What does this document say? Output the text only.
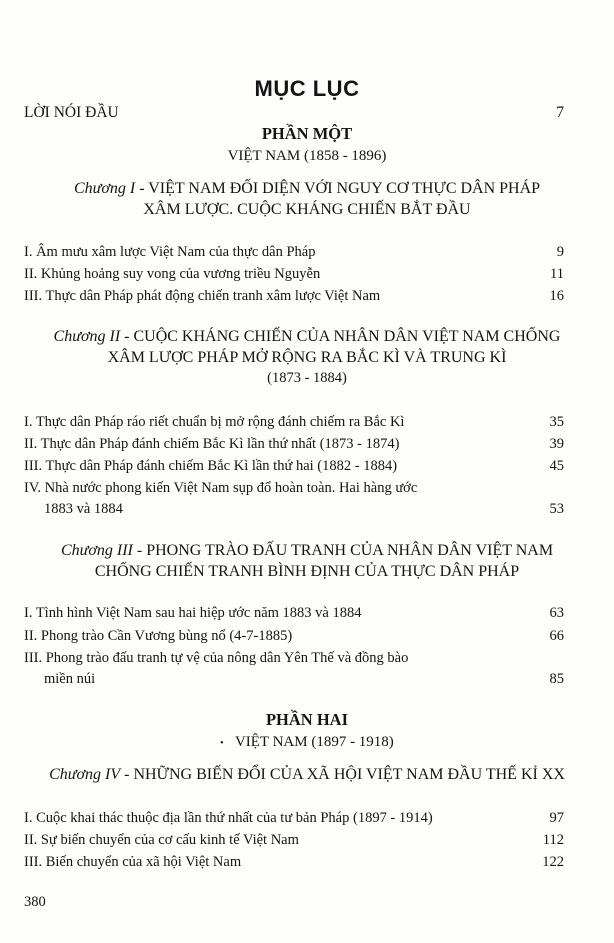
MỤC LỤC
LỜI NÓI ĐẦU	7
PHẦN MỘT
VIỆT NAM (1858 - 1896)
Chương I - VIỆT NAM ĐỐI DIỆN VỚI NGUY CƠ THỰC DÂN PHÁP
XÂM LƯỢC. CUỘC KHÁNG CHIẾN BẮT ĐẦU
I. Âm mưu xâm lược Việt Nam của thực dân Pháp	9
II. Khủng hoảng suy vong của vương triều Nguyễn	11
III. Thực dân Pháp phát động chiến tranh xâm lược Việt Nam	16
Chương II - CUỘC KHÁNG CHIẾN CỦA NHÂN DÂN VIỆT NAM CHỐNG
XÂM LƯỢC PHÁP MỞ RỘNG RA BẮC KÌ VÀ TRUNG KÌ
(1873 - 1884)
I. Thực dân Pháp ráo riết chuẩn bị mở rộng đánh chiếm ra Bắc Kì	35
II. Thực dân Pháp đánh chiếm Bắc Kì lần thứ nhất (1873 - 1874)	39
III. Thực dân Pháp đánh chiếm Bắc Kì lần thứ hai (1882 - 1884)	45
IV. Nhà nước phong kiến Việt Nam sụp đổ hoàn toàn. Hai hàng ước
1883 và 1884	53
Chương III - PHONG TRÀO ĐẤU TRANH CỦA NHÂN DÂN VIỆT NAM
CHỐNG CHIẾN TRANH BÌNH ĐỊNH CỦA THỰC DÂN PHÁP
I. Tình hình Việt Nam sau hai hiệp ước năm 1883 và 1884	63
II. Phong trào Cần Vương bùng nổ (4-7-1885)	66
III. Phong trào đấu tranh tự vệ của nông dân Yên Thế và đồng bào
miền núi	85
PHẦN HAI
• VIỆT NAM (1897 - 1918)
Chương IV - NHỮNG BIẾN ĐỔI CỦA XÃ HỘI VIỆT NAM ĐẦU THẾ KỈ XX
I. Cuộc khai thác thuộc địa lần thứ nhất của tư bản Pháp (1897 - 1914)	97
II. Sự biến chuyển của cơ cấu kinh tế Việt Nam	112
III. Biến chuyển của xã hội Việt Nam	122
380
